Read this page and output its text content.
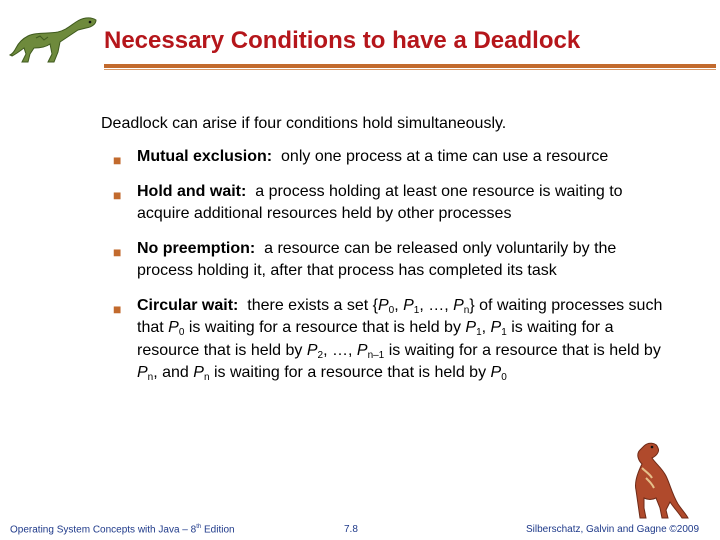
Necessary Conditions to have a Deadlock
Deadlock can arise if four conditions hold simultaneously.
■ Mutual exclusion: only one process at a time can use a resource
■ Hold and wait: a process holding at least one resource is waiting to acquire additional resources held by other processes
■ No preemption: a resource can be released only voluntarily by the process holding it, after that process has completed its task
■ Circular wait: there exists a set {$P_0$, $P_1$, …, $P_n$} of waiting processes such that $P_0$ is waiting for a resource that is held by $P_1$, $P_1$ is waiting for a resource that is held by $P_2$, …, $P_{n-1}$ is waiting for a resource that is held by $P_n$, and $P_n$ is waiting for a resource that is held by $P_0$
Operating System Concepts with Java – 8th Edition	7.8	Silberschatz, Galvin and Gagne ©2009
